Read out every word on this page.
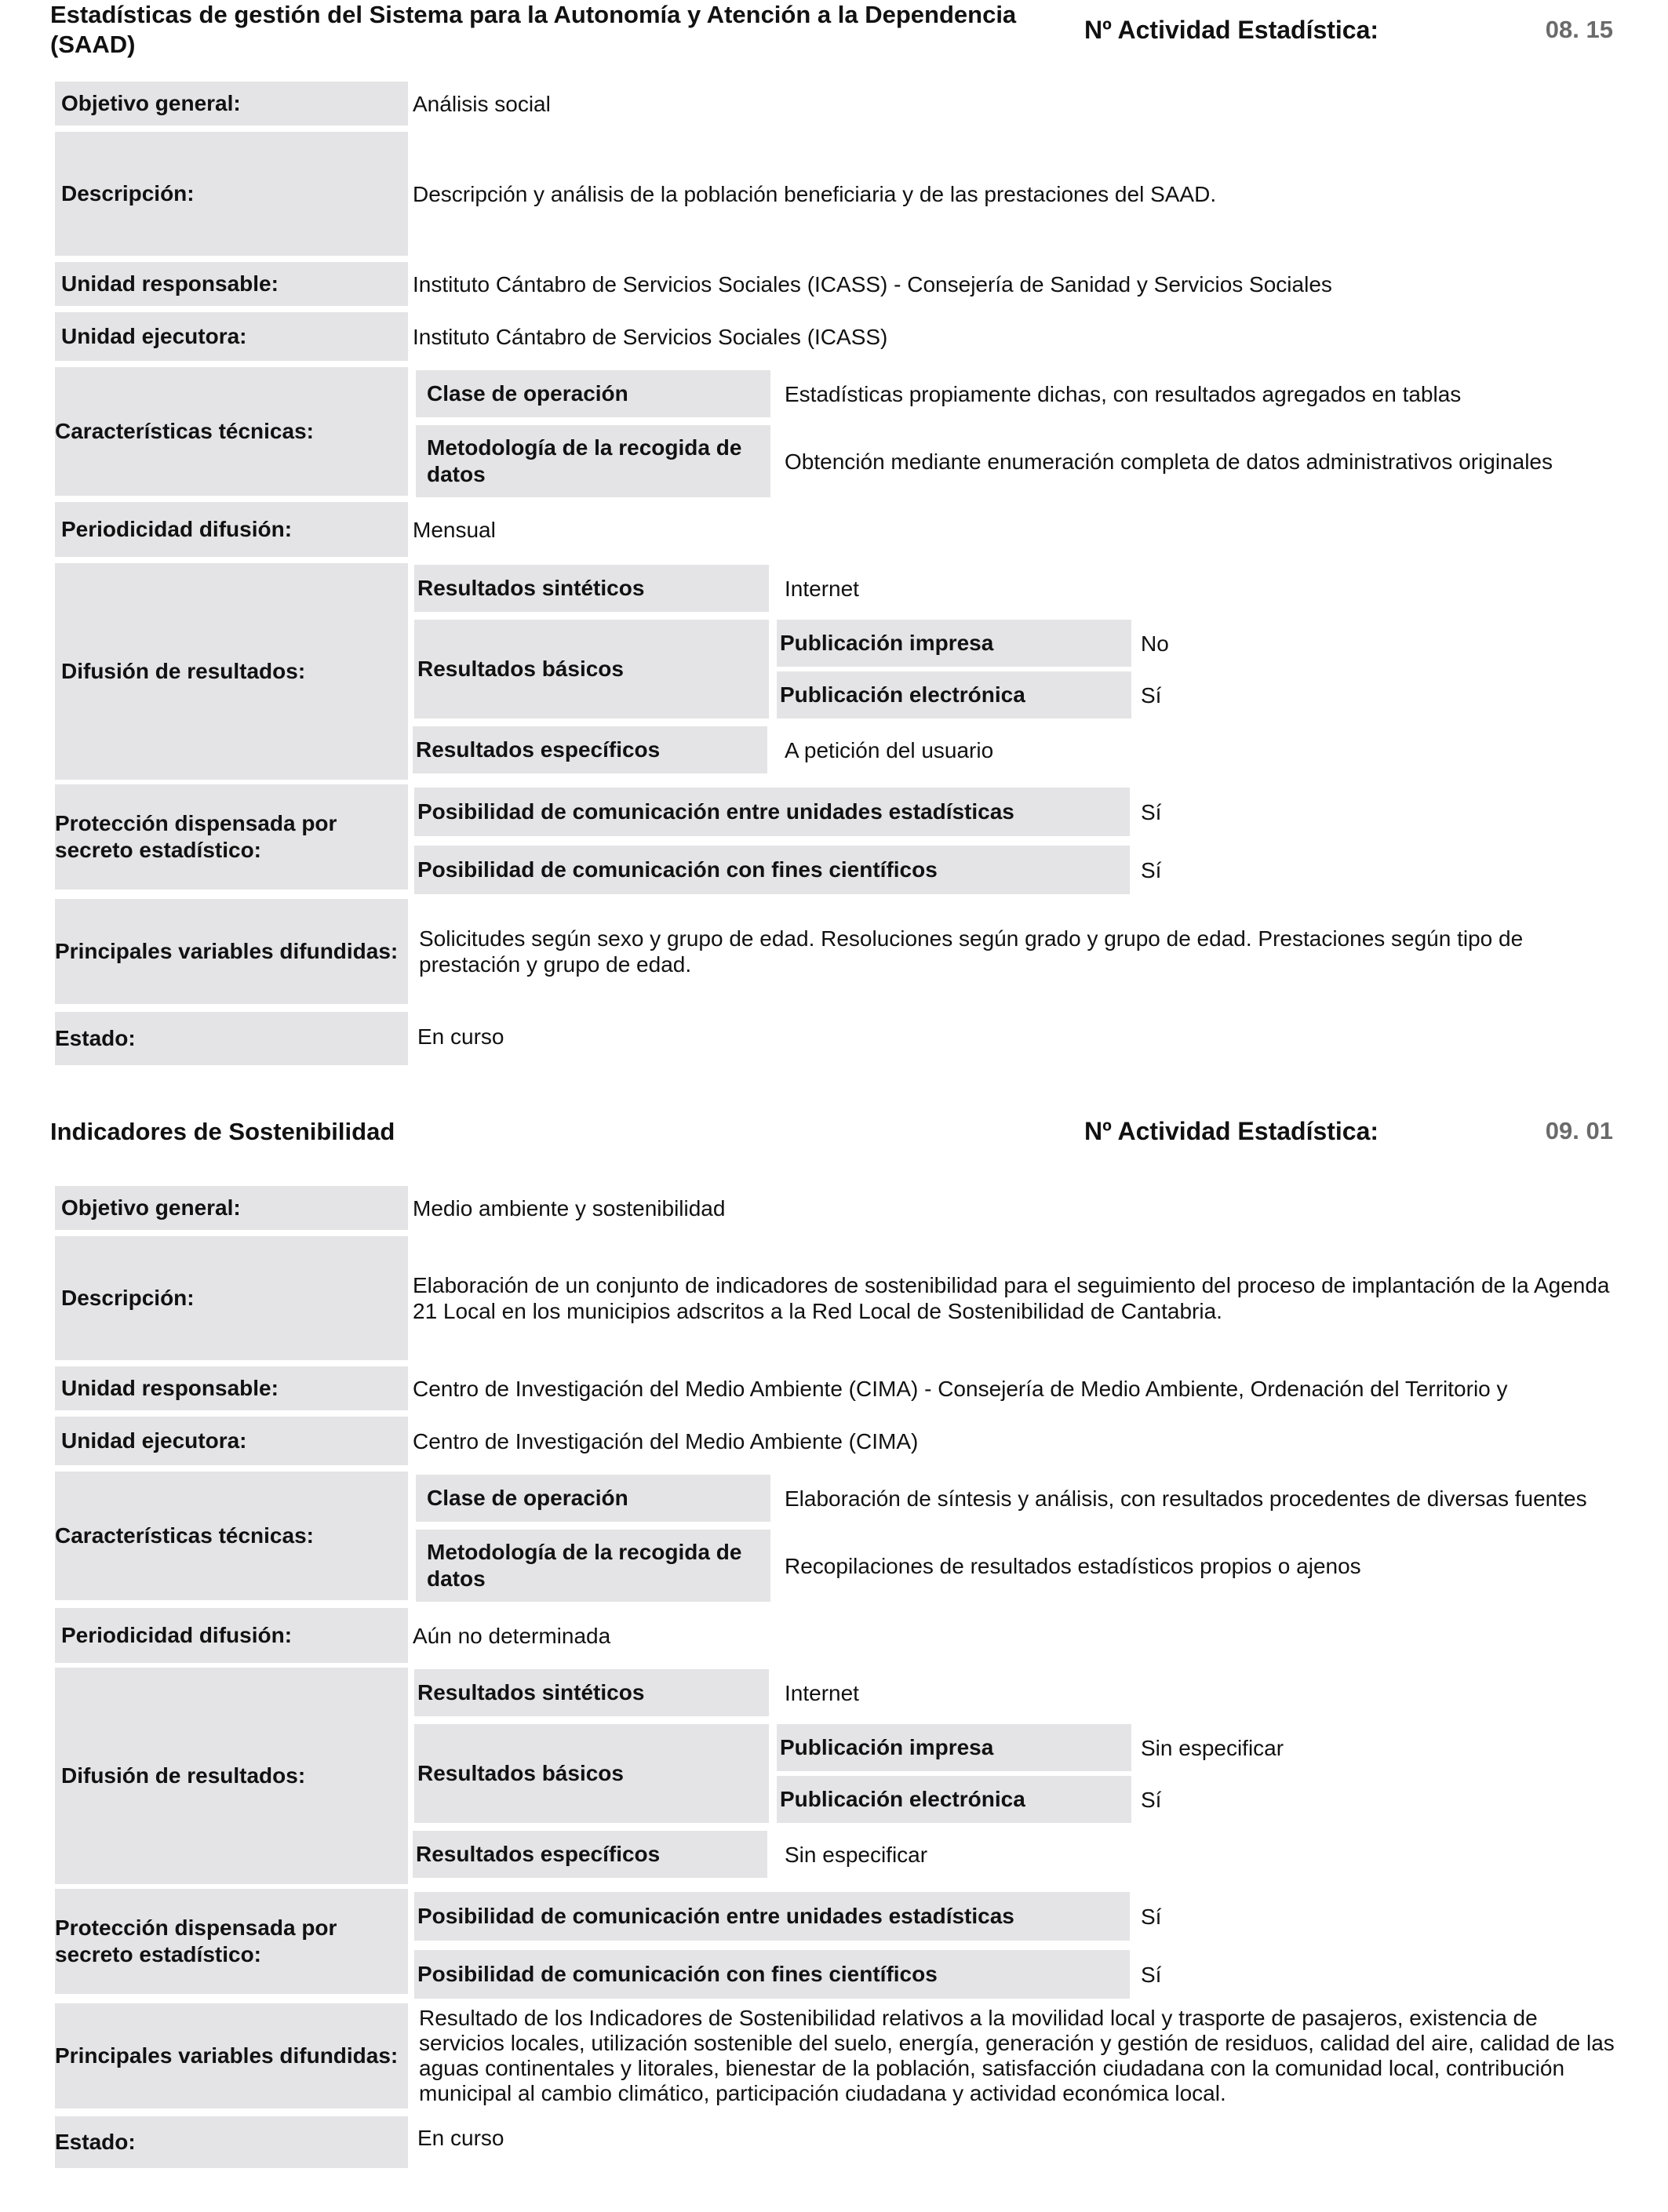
Estadísticas de gestión del Sistema para la Autonomía y Atención a la Dependencia (SAAD)
Nº Actividad Estadística:	08. 15
Objetivo general:	Análisis social
Descripción:	Descripción y análisis de la población beneficiaria y de las prestaciones del SAAD.
Unidad responsable:	Instituto Cántabro de Servicios Sociales (ICASS) - Consejería de Sanidad y Servicios Sociales
Unidad ejecutora:	Instituto Cántabro de Servicios Sociales (ICASS)
Características técnicas:
Clase de operación	Estadísticas propiamente dichas, con resultados agregados en tablas
Metodología de la recogida de datos
Obtención mediante enumeración completa de datos administrativos originales
Periodicidad difusión:	Mensual
Difusión de resultados:
Resultados sintéticos	Internet
Resultados básicos
Publicación impresa	No
Publicación electrónica	Sí
Resultados específicos	A petición del usuario
Protección dispensada por secreto estadístico:
Posibilidad de comunicación entre unidades estadísticas	Sí
Posibilidad de comunicación con fines científicos	Sí
Principales variables difundidas:
Solicitudes según sexo y grupo de edad. Resoluciones según grado y grupo de edad. Prestaciones según tipo de prestación y grupo de edad.
Estado:	En curso
Indicadores de Sostenibilidad	Nº Actividad Estadística:	09. 01
Objetivo general:	Medio ambiente y sostenibilidad
Descripción:
Elaboración de un conjunto de indicadores de sostenibilidad para el seguimiento del proceso de implantación de la Agenda 21 Local en los municipios adscritos a la Red Local de Sostenibilidad de Cantabria.
Unidad responsable:	Centro de Investigación del Medio Ambiente (CIMA) - Consejería de Medio Ambiente, Ordenación del Territorio y
Unidad ejecutora:	Centro de Investigación del Medio Ambiente (CIMA)
Características técnicas:
Clase de operación	Elaboración de síntesis y análisis, con resultados procedentes de diversas fuentes
Metodología de la recogida de datos
Recopilaciones de resultados estadísticos propios o ajenos
Periodicidad difusión:	Aún no determinada
Difusión de resultados:
Resultados sintéticos	Internet
Resultados básicos
Publicación impresa	Sin especificar
Publicación electrónica	Sí
Resultados específicos	Sin especificar
Protección dispensada por secreto estadístico:
Posibilidad de comunicación entre unidades estadísticas	Sí
Posibilidad de comunicación con fines científicos	Sí
Principales variables difundidas:
Resultado de los Indicadores de Sostenibilidad relativos a la movilidad local y trasporte de pasajeros, existencia de servicios locales, utilización sostenible del suelo, energía, generación y gestión de residuos, calidad del aire, calidad de las aguas continentales y litorales, bienestar de la población, satisfacción ciudadana con la comunidad local, contribución municipal al cambio climático, participación ciudadana y actividad económica local.
Estado:	En curso
